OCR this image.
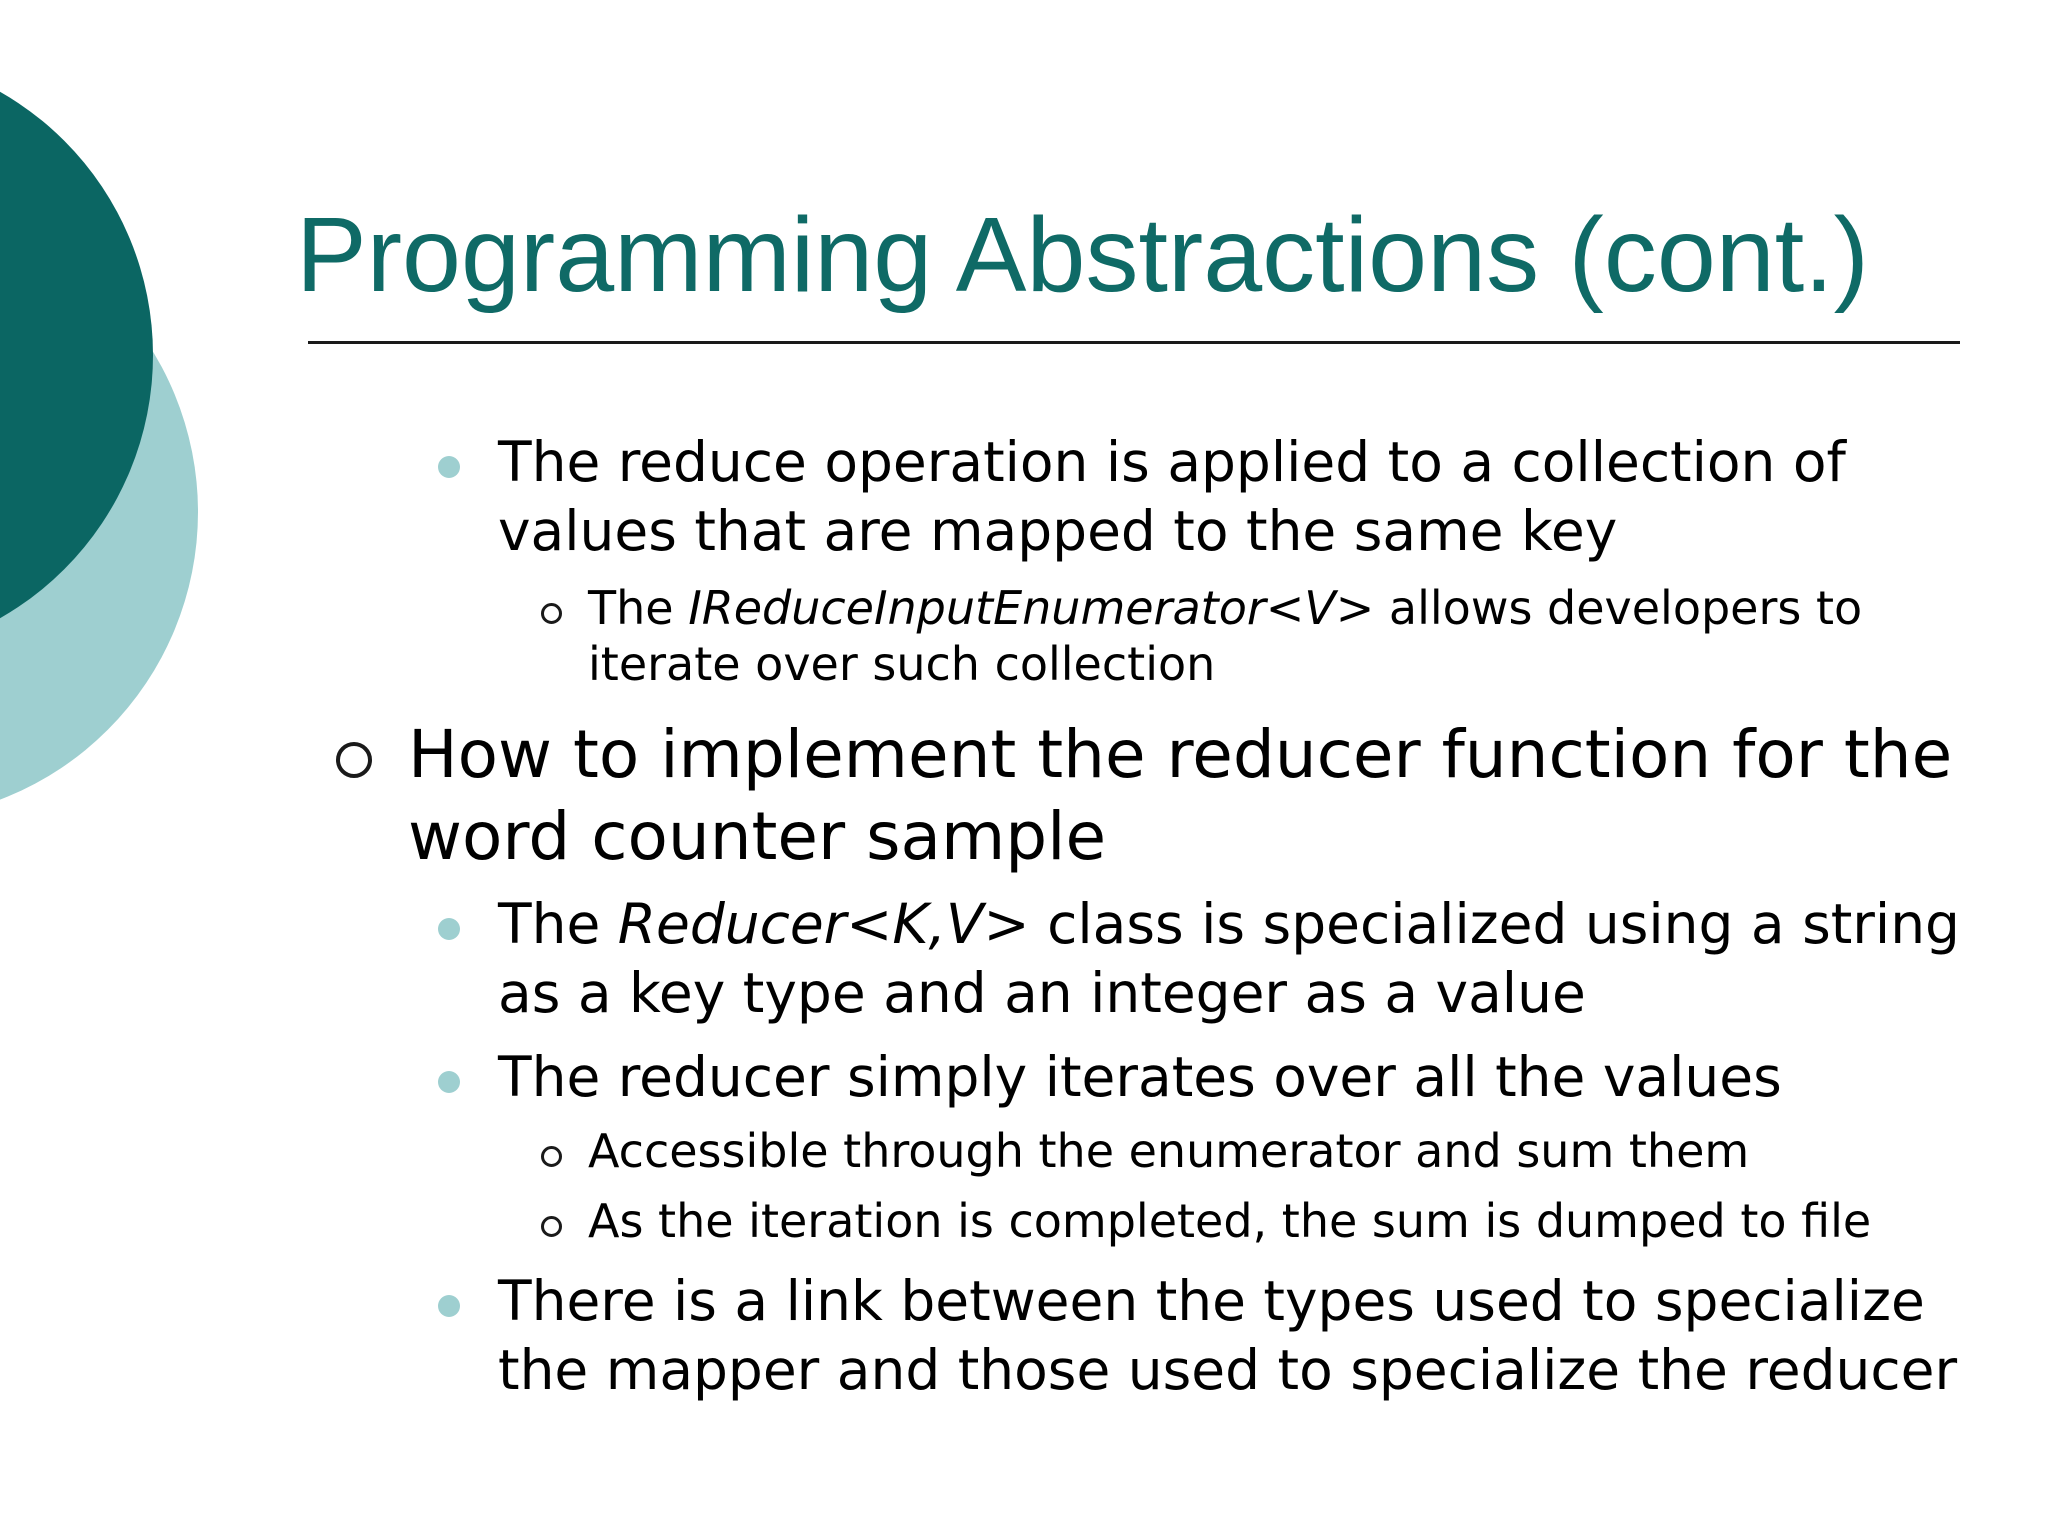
Programming Abstractions (cont.)
The reduce operation is applied to a collection of values that are mapped to the same key
The IReduceInputEnumerator<V> allows developers to iterate over such collection
How to implement the reducer function for the word counter sample
The Reducer<K,V> class is specialized using a string as a key type and an integer as a value
The reducer simply iterates over all the values
Accessible through the enumerator and sum them
As the iteration is completed, the sum is dumped to file
There is a link between the types used to specialize the mapper and those used to specialize the reducer
